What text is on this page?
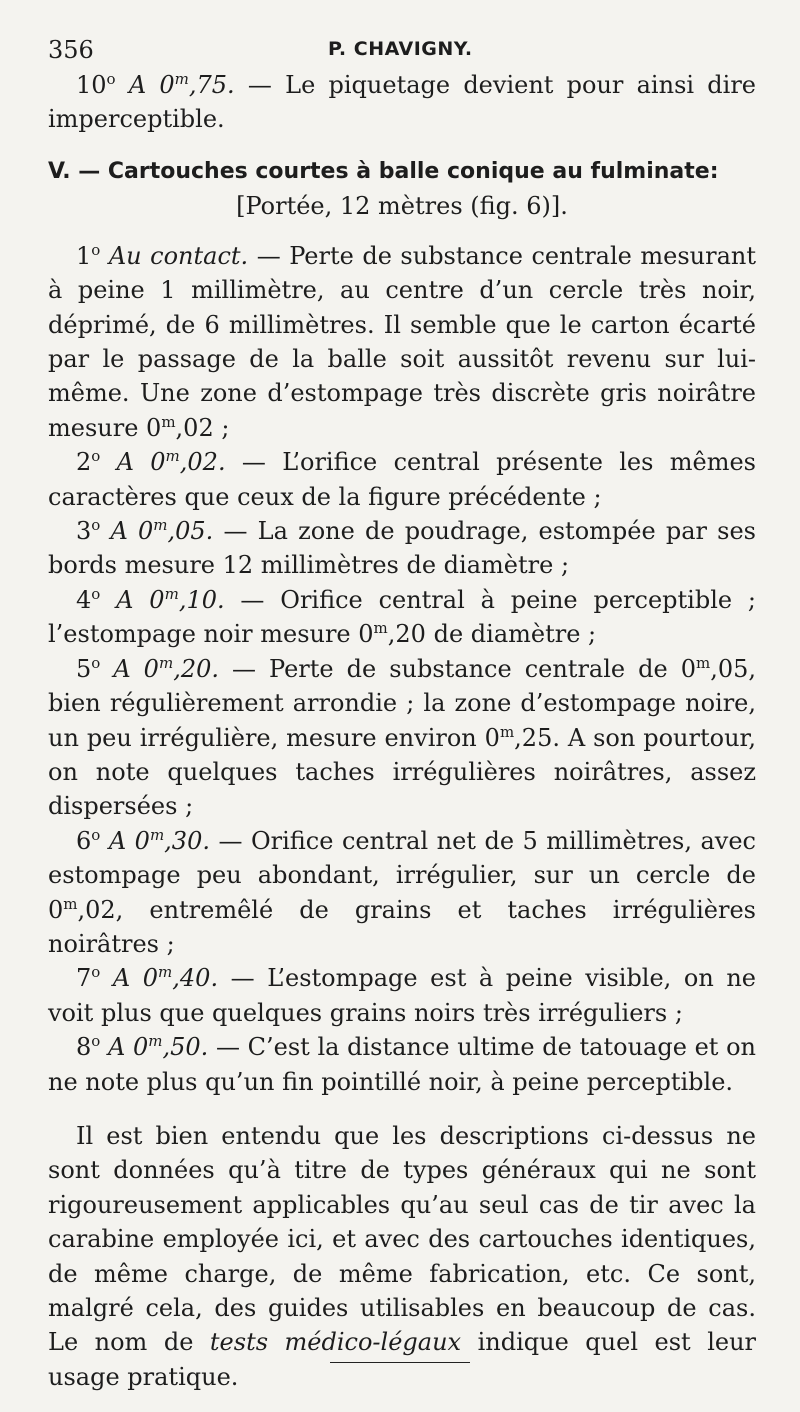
356	P. CHAVIGNY.

10$^o$ A 0$^m$,75. — Le piquetage devient pour ainsi dire imperceptible.

V. — Cartouches courtes à balle conique au fulminate:

[Portée, 12 mètres (fig. 6)].

1$^o$ Au contact. — Perte de substance centrale mesurant à peine 1 millimètre, au centre d’un cercle très noir, déprimé, de 6 millimètres. Il semble que le carton écarté par le passage de la balle soit aussitôt revenu sur lui-même. Une zone d’estompage très discrète gris noirâtre mesure 0$^m$,02 ;

2$^o$ A 0$^m$,02. — L’orifice central présente les mêmes caractères que ceux de la figure précédente ;

3$^o$ A 0$^m$,05. — La zone de poudrage, estompée par ses bords mesure 12 millimètres de diamètre ;

4$^o$ A 0$^m$,10. — Orifice central à peine perceptible ; l’estompage noir mesure 0$^m$,20 de diamètre ;

5$^o$ A 0$^m$,20. — Perte de substance centrale de 0$^m$,05, bien régulièrement arrondie ; la zone d’estompage noire, un peu irrégulière, mesure environ 0$^m$,25. A son pourtour, on note quelques taches irrégulières noirâtres, assez dispersées ;

6$^o$ A 0$^m$,30. — Orifice central net de 5 millimètres, avec estompage peu abondant, irrégulier, sur un cercle de 0$^m$,02, entremêlé de grains et taches irrégulières noirâtres ;

7$^o$ A 0$^m$,40. — L’estompage est à peine visible, on ne voit plus que quelques grains noirs très irréguliers ;

8$^o$ A 0$^m$,50. — C’est la distance ultime de tatouage et on ne note plus qu’un fin pointillé noir, à peine perceptible.

Il est bien entendu que les descriptions ci-dessus ne sont données qu’à titre de types généraux qui ne sont rigoureusement applicables qu’au seul cas de tir avec la carabine employée ici, et avec des cartouches identiques, de même charge, de même fabrication, etc. Ce sont, malgré cela, des guides utilisables en beaucoup de cas. Le nom de tests médico-légaux indique quel est leur usage pratique.
